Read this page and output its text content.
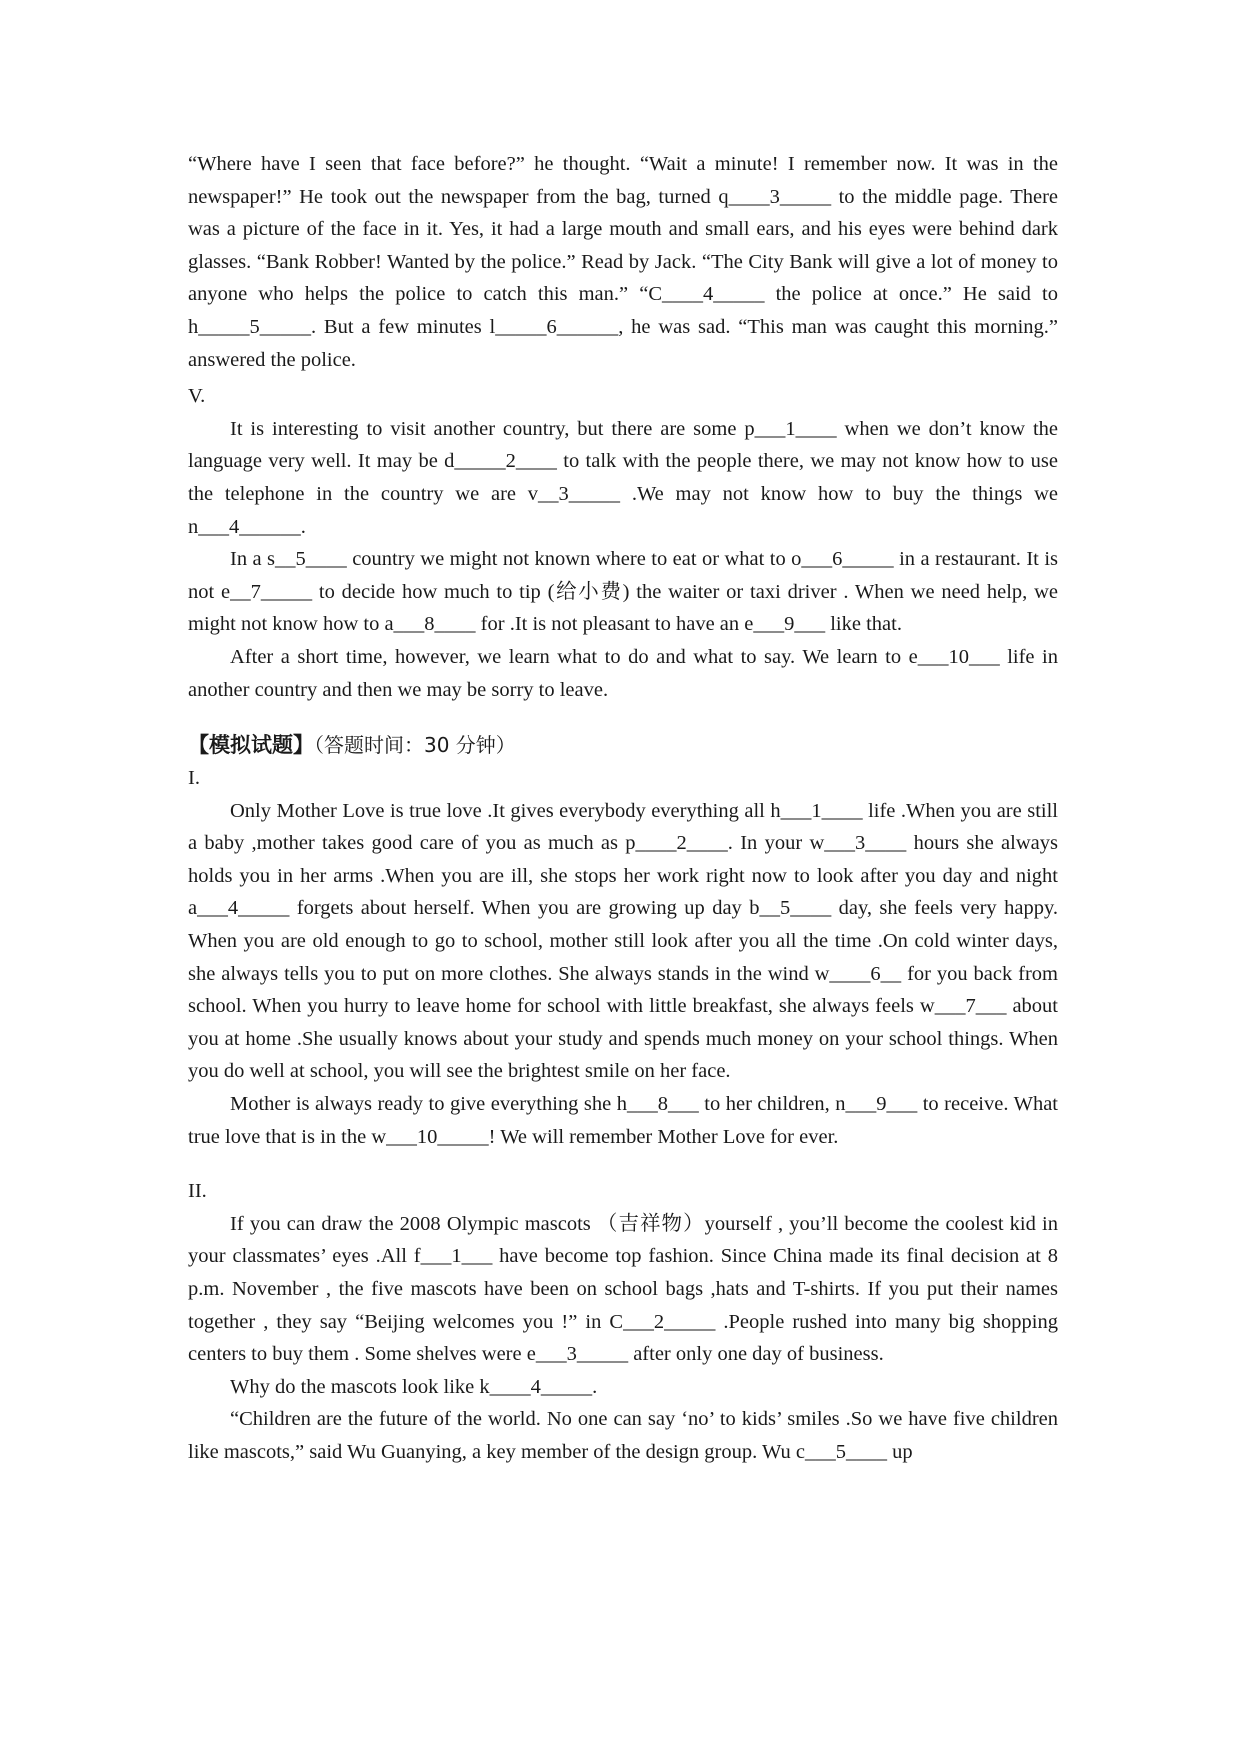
“Where have I seen that face before?” he thought. “Wait a minute! I remember now. It was in the newspaper!” He took out the newspaper from the bag, turned q____3_____ to the middle page. There was a picture of the face in it. Yes, it had a large mouth and small ears, and his eyes were behind dark glasses. “Bank Robber! Wanted by the police.” Read by Jack. “The City Bank will give a lot of money to anyone who helps the police to catch this man.” “C____4_____ the police at once.” He said to h_____5_____. But a few minutes l_____6______, he was sad. “This man was caught this morning.” answered the police.

V.

It is interesting to visit another country, but there are some p___1____ when we don’t know the language very well. It may be d_____2____ to talk with the people there, we may not know how to use the telephone in the country we are v__3_____ .We may not know how to buy the things we n___4______.

In a s__5____ country we might not known where to eat or what to o___6_____ in a restaurant. It is not e__7_____ to decide how much to tip (给小费) the waiter or taxi driver . When we need help, we might not know how to a___8____ for .It is not pleasant to have an e___9___ like that.

After a short time, however, we learn what to do and what to say. We learn to e___10___ life in another country and then we may be sorry to leave.

【模拟试题】（答题时间：30 分钟）

I.

Only Mother Love is true love .It gives everybody everything all h___1____ life .When you are still a baby ,mother takes good care of you as much as p____2____. In your w___3____ hours she always holds you in her arms .When you are ill, she stops her work right now to look after you day and night a___4_____ forgets about herself. When you are growing up day b__5____ day, she feels very happy. When you are old enough to go to school, mother still look after you all the time .On cold winter days, she always tells you to put on more clothes. She always stands in the wind w____6__ for you back from school. When you hurry to leave home for school with little breakfast, she always feels w___7___ about you at home .She usually knows about your study and spends much money on your school things. When you do well at school, you will see the brightest smile on her face.

Mother is always ready to give everything she h___8___ to her children, n___9___ to receive. What true love that is in the w___10_____! We will remember Mother Love for ever.

II.

If you can draw the 2008 Olympic mascots （吉祥物）yourself , you’ll become the coolest kid in your classmates’ eyes .All f___1___ have become top fashion. Since China made its final decision at 8 p.m. November , the five mascots have been on school bags ,hats and T-shirts. If you put their names together , they say “Beijing welcomes you !” in C___2_____ .People rushed into many big shopping centers to buy them . Some shelves were e___3_____ after only one day of business.

Why do the mascots look like k____4_____.

“Children are the future of the world. No one can say ‘no’ to kids’ smiles .So we have five children like mascots,” said Wu Guanying, a key member of the design group. Wu c___5____ up
